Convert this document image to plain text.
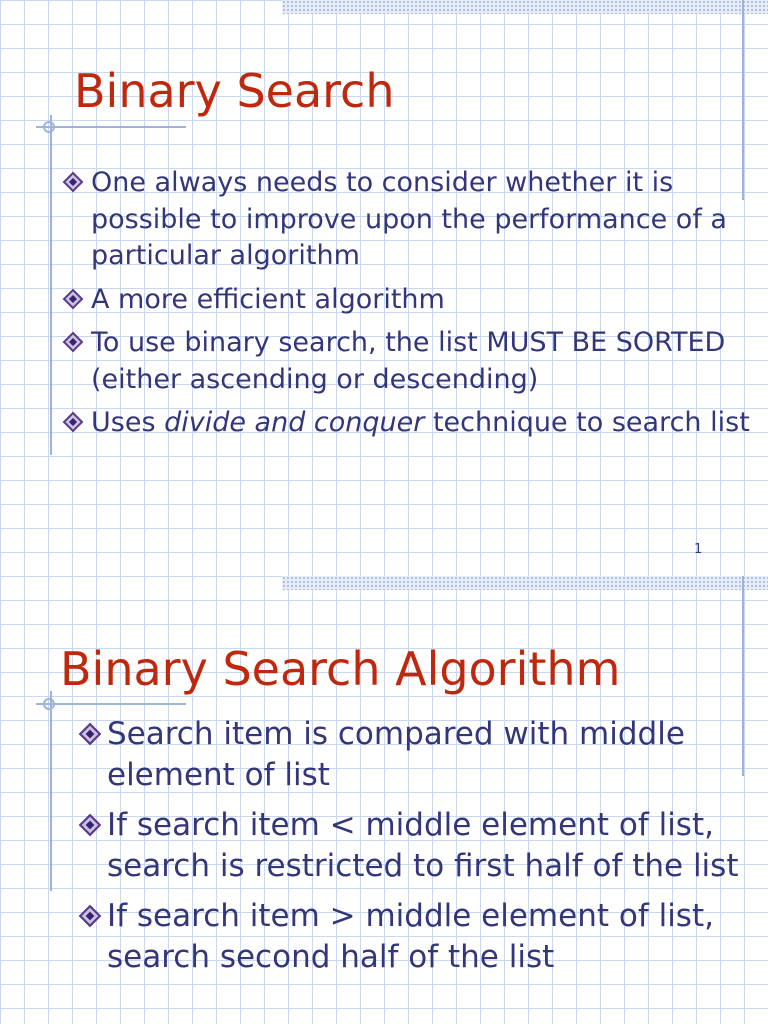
Binary Search
One always needs to consider whether it is possible to improve upon the performance of a particular algorithm
A more efficient algorithm
To use binary search, the list MUST BE SORTED (either ascending or descending)
Uses divide and conquer technique to search list
1
Binary Search Algorithm
Search item is compared with middle element of list
If search item < middle element of list, search is restricted to first half of the list
If search item > middle element of list, search second half of the list
